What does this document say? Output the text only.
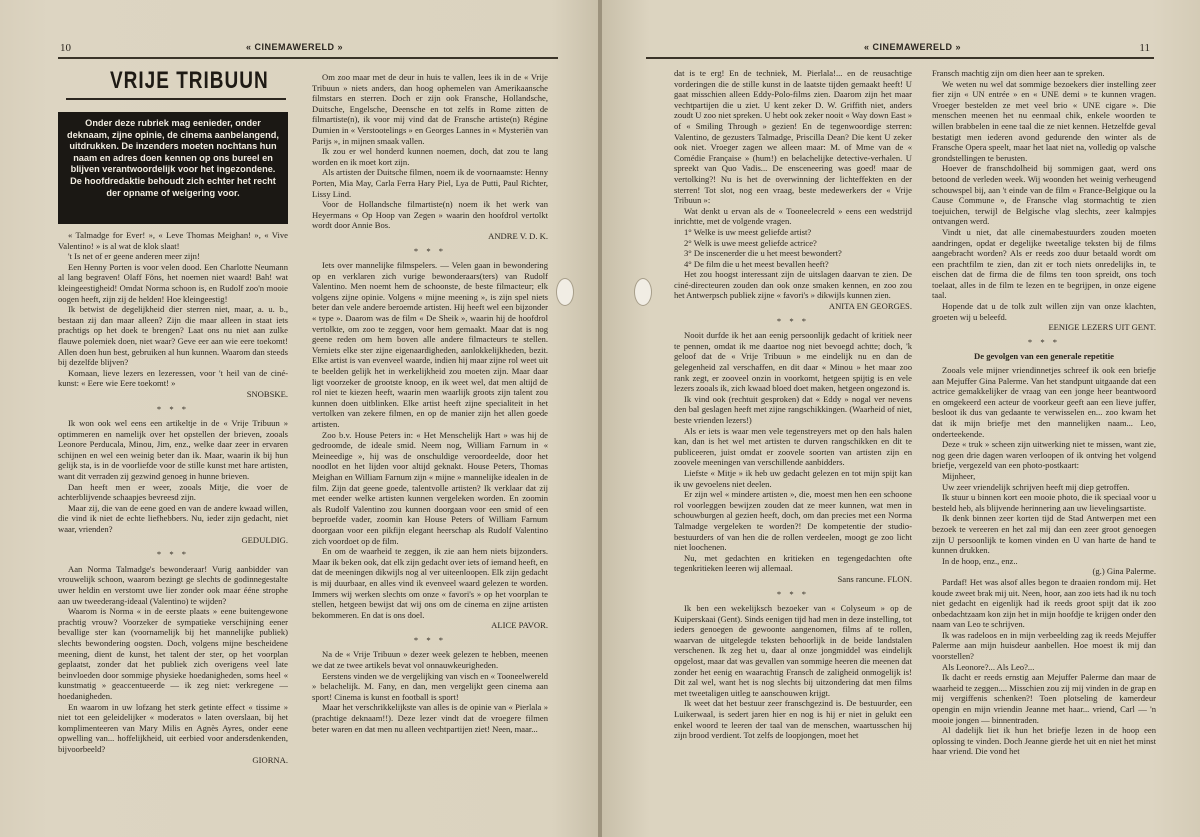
10	« CINEMAWERELD »
VRIJE TRIBUUN
Onder deze rubriek mag eenieder, onder deknaam, zijne opinie, de cinema aanbelangend, uitdrukken. De inzenders moeten nochtans hun naam en adres doen kennen op ons bureel en blijven verantwoordelijk voor het ingezondene. De hoofdredaktie behoudt zich echter het recht der opname of weigering voor.

« Talmadge for Ever! », « Leve Thomas Meighan! », « Vive Valentino! » is al wat de klok slaat!

't Is net of er geene anderen meer zijn!

Een Henny Porten is voor velen dood. Een Charlotte Neumann al lang begraven! Olaff Föns, het noemen niet waard! Bah! wat kleingeestigheid! Omdat Norma schoon is, en Rudolf zoo'n mooie oogen heeft, zijn zij de helden! Hoe kleingeestig!

Ik betwist de degelijkheid dier sterren niet, maar, a. u. b., bestaan zij dan maar alleen? Zijn die maar alleen in staat iets prachtigs op het doek te brengen? Laat ons nu niet aan zulke flauwe polemiek doen, niet waar? Geve eer aan wie eere toekomt! Allen doen hun best, gebruiken al hun kunnen. Waarom dan steeds bij dezelfde blijven?

Komaan, lieve lezers en lezeressen, voor 't heil van de ciné-kunst: « Eere wie Eere toekomt! »

SNOBSKE.

* * *

Ik won ook wel eens een artikeltje in de « Vrije Tribuun » optimmeren en namelijk over het opstellen der brieven, zooals Leonore Perducala, Minou, Jim, enz., welke daar zeer in ervaren schijnen en wel een weinig beter dan ik. Maar, waarin ik bij hun gelijk sta, is in de voorliefde voor de stille kunst met hare artisten, want dit verraden zij gezwind genoeg in hunne brieven.

Dan heeft men er weer, zooals Mitje, die voer de achterblijvende schaapjes bevreesd zijn.

Maar zij, die van de eene goed en van de andere kwaad willen, die vind ik niet de echte liefhebbers. Nu, ieder zijn gedacht, niet waar, vrienden?

GEDULDIG.

* * *

Aan Norma Talmadge's bewonderaar! Vurig aanbidder van vrouwelijk schoon, waarom bezingt ge slechts de godinnegestalte uwer heldin en verstomt uwe lier zonder ook maar ééne strophe aan uw tweederang-ideaal (Valentino) te wijden?

Waarom is Norma « in de eerste plaats » eene buitengewone prachtig vrouw? Voorzeker de sympatieke verschijning eener bevallige ster kan (voornamelijk bij het mannelijke publiek) slechts bewondering oogsten. Doch, volgens mijne bescheidene meening, dient de kunst, het talent der ster, op het voorplan geplaatst, zonder dat het publiek zich overigens veel late beinvloeden door sommige physieke hoedanigheden, soms heel « kunstmatig » geaccentueerde — ik zeg niet: verkregene — hoedanigheden.

En waarom in uw lofzang het sterk getinte effect « tissime » niet tot een geleidelijker « moderatos » laten overslaan, bij het komplimenteeren van Mary Milis en Agnès Ayres, onder eene opwelling van... hoffelijkheid, uit eerbied voor andersdenkenden, bijvoorbeeld?

GIORNA.

Om zoo maar met de deur in huis te vallen, lees ik in de « Vrije Tribuun » niets anders, dan hoog ophemelen van Amerikaansche filmstars en sterren. Doch er zijn ook Fransche, Hollandsche, Duitsche, Engelsche, Deensche en tot zelfs in Rome zitten de filmartiste(n), ik voor mij vind dat de Fransche artiste(n) Régine Dumien in « Verstootelings » en Georges Lannes in « Mysteriën van Parijs », in mijnen smaak vallen.

Ik zou er wel honderd kunnen noemen, doch, dat zou te lang worden en ik moet kort zijn.

Als artisten der Duitsche filmen, noem ik de voornaamste: Henny Porten, Mia May, Carla Ferra Hary Piel, Lya de Putti, Paul Richter, Lissy Lind.

Voor de Hollandsche filmartiste(n) noem ik het werk van Heyermans « Op Hoop van Zegen » waarin den hoofdrol vertolkt wordt door Annie Bos.

ANDRE V. D. K.

* * *

Iets over mannelijke filmspelers. — Velen gaan in bewondering op en verklaren zich vurige bewonderaars(ters) van Rudolf Valentino. Men noemt hem de schoonste, de beste filmacteur; elk volgens zijne opinie. Volgens « mijne meening », is zijn spel niets beter dan vele andere beroemde artisten. Hij heeft wel een bijzonder « type ». Daarom was de film « De Sheik », waarin hij de hoofdrol vertolkte, om zoo te zeggen, voor hem gemaakt. Maar dat is nog geene reden om hem boven alle andere filmacteurs te stellen. Verniets elke ster zijne eigenaardigheden, aanlokkelijkheden, bezit. Elke artist is van evenveel waarde, indien hij maar zijne rol weet uit te beelden gelijk het in werkelijkheid zou moeten zijn. Maar daar ligt voorzeker de grootste knoop, en ik weet wel, dat men altijd de rol niet te kiezen heeft, waarin men waarlijk groots zijn talent zou kunnen doen uitblinken. Elke artist heeft zijne specialiteit in het vertolken van zekere filmen, en op de manier zijn het allen goede artisten.

Zoo b.v. House Peters in: « Het Menschelijk Hart » was hij de gedroomde, de ideale smid. Neem nog, William Farnum in « Meineedige », hij was de onschuldige veroordeelde, door het noodlot en het lijden voor altijd geknakt. House Peters, Thomas Meighan en William Farnum zijn « mijne » mannelijke idealen in de film. Zijn dat geene goede, talentvolle artisten? Ik verklaar dat zij met eender welke artisten kunnen vergeleken worden. En zoomin als Rudolf Valentino zou kunnen doorgaan voor een smid of een beproefde vader, zoomin kan House Peters of William Farnum doorgaan voor een pikfijn elegant heerschap als Rudolf Valentino zich voordoet op de film.

En om de waarheid te zeggen, ik zie aan hem niets bijzonders. Maar ik beken ook, dat elk zijn gedacht over iets of iemand heeft, en dat de meeningen dikwijls nog al ver uiteenloopen. Elk zijn gedacht is mij duurbaar, en alles vind ik evenveel waard gelezen te worden. Immers wij werken slechts om onze « favori's » op het voorplan te stellen, hetgeen bewijst dat wij ons om de cinema en zijne artisten bekommeren. En dat is ons doel.

ALICE PAVOR.

* * *

Na de « Vrije Tribuun » dezer week gelezen te hebben, meenen we dat ze twee artikels bevat vol onnauwkeurigheden.

Eerstens vinden we de vergelijking van visch en « Tooneelwereld » belachelijk. M. Fany, en dan, men vergelijkt geen cinema aan sport! Cinema is kunst en football is sport!

Maar het verschrikkelijkste van alles is de opinie van « Pierlala » (prachtige deknaam!!). Deze lezer vindt dat de vroegere filmen beter waren en dat men nu alleen vechtpartijen ziet! Neen, maar...

11
« CINEMAWERELD »

dat is te erg! En de techniek, M. Pierlala!... en de reusachtige vorderingen die de stille kunst in de laatste tijden gemaakt heeft! U gaat misschien alleen Eddy-Polo-films zien. Daarom zijn het maar vechtpartijen die u ziet. U kent zeker D. W. Griffith niet, anders zoudt U zoo niet spreken. U hebt ook zeker nooit « Way down East » of « Smiling Through » gezien! En de tegenwoordige sterren: Valentino, de gezusters Talmadge, Priscilla Dean? Die kent U zeker ook niet. Vroeger zagen we alleen maar: M. of Mme van de « Comédie Française » (hum!) en belachelijke detective-verhalen. U spreekt van Quo Vadis... De ensceneering was goed! maar de vertolking?! Nu is het de overwinning der lichteffekten en der sterren! Tot slot, nog een vraag, beste medewerkers der « Vrije Tribuun »:

Wat denkt u ervan als de « Tooneelecreld » eens een wedstrijd inrichtte, met de volgende vragen.

1° Welke is uw meest geliefde artist?

2° Welk is uwe meest geliefde actrice?

3° De inscenerder die u het meest bewondert?

4° De film die u het meest bevallen heeft?

Het zou hoogst interessant zijn de uitslagen daarvan te zien. De ciné-directeuren zouden dan ook onze smaken kennen, en zoo zou het Antwerpsch publiek zijne « favori's » dikwijls kunnen zien.

ANITA EN GEORGES.

* * *

Nooit durfde ik het aan eenig persoonlijk gedacht of kritiek neer te pennen, omdat ik me daartoe nog niet bevoegd achtte; doch, 'k geloof dat de « Vrije Tribuun » me eindelijk nu en dan de gelegenheid zal verschaffen, en dit daar « Minou » het maar zoo rank zegt, er zooveel onzin in voorkomt, hetgeen spijtig is en vele lezers zooals ik, zich kwaad bloed doet maken, hetgeen ongezond is.

Ik vind ook (rechtuit gesproken) dat « Eddy » nogal ver nevens den bal geslagen heeft met zijne rangschikkingen. (Waarheid of niet, beste vrienden lezers!)

Als er iets is waar men vele tegenstreyers met op den hals halen kan, dan is het wel met artisten te durven rangschikken en dit te publiceeren, juist omdat er zoovele soorten van artisten zijn en zoovele meeningen van verschillende aanbidders.

Liefste « Mitje » ik heb uw gedacht gelezen en tot mijn spijt kan ik uw gevoelens niet deelen.

Er zijn wel « mindere artisten », die, moest men hen een schoone rol voorleggen bewijzen zouden dat ze meer kunnen, wat men in schouwburgen al gezien heeft, doch, om dan precies met een Norma Talmadge vergeleken te worden?! De kompetentie der studio-bestuurders of van hen die de rollen verdeelen, moogt ge zoo licht niet loochenen.

Nu, met gedachten en kritieken en tegengedachten ofte tegenkritieken leeren wij allemaal.

Sans rancune. FLON.

* * *

Ik ben een wekelijksch bezoeker van « Colyseum » op de Kuiperskaai (Gent). Sinds eenigen tijd had men in deze instelling, tot ieders genoegen de gewoonte aangenomen, films af te rollen, waarvan de uitgelegde teksten behoorlijk in de beide landstalen verschenen. Ik zeg het u, daar al onze jongmiddel was eindelijk opgelost, maar dat was gevallen van sommige heeren die meenen dat zonder het eenig en waarachtig Fransch de zaligheid onmogelijk is! Dit zal wel, want het is nog slechts bij uitzondering dat men films met tweetaligen uitleg te aanschouwen krijgt.

Ik weet dat het bestuur zeer franschgezind is. De bestuurder, een Luikerwaal, is sedert jaren hier en nog is hij er niet in gelukt een enkel woord te leeren der taal van de menschen, waartusschen hij zijn brood verdient. Tot zelfs de loopjongen, moet het

Fransch machtig zijn om dien heer aan te spreken.

We weten nu wel dat sommige bezoekers dier instelling zeer fier zijn « UN entrée » en « UNE demi » te kunnen vragen. Vroeger bestelden ze met veel brio « UNE cigare ». Die menschen meenen het nu eenmaal chik, enkele woorden te willen brabbelen in eene taal die ze niet kennen. Hetzelfde geval bestatigt men iederen avond gedurende den winter als de Fransche Opera speelt, maar het laat niet na, volledig op valsche grondstellingen te berusten.

Hoever de franschdolheid bij sommigen gaat, werd ons betoond de verleden week. Wij woonden het weinig verheugend schouwspel bij, aan 't einde van de film « France-Belgique ou la Cause Commune », de Fransche vlag stormachtig te zien toejuichen, terwijl de Belgische vlag slechts, zeer kalmpjes ontvangen werd.

Vindt u niet, dat alle cinemabestuurders zouden moeten aandringen, opdat er degelijke tweetalige teksten bij de films aangebracht worden? Als er reeds zoo duur betaald wordt om een prachtfilm te zien, dan zit er toch niets onredelijks in, te eischen dat de firma die de films ten toon spreidt, ons toch toelaat, alles in de film te lezen en te begrijpen, in onze eigene taal.

Hopende dat u de tolk zult willen zijn van onze klachten, groeten wij u beleefd.

EENIGE LEZERS UIT GENT.

* * *

De gevolgen van een generale repetitie

Zooals vele mijner vriendinnetjes schreef ik ook een briefje aan Mejuffer Gina Palerme. Van het standpunt uitgaande dat een actrice gemakkelijker de vraag van een jonge heer beantwoord en omgekeerd een acteur de voorkeur geeft aan een lieve juffer, besloot ik dus van gedaante te verwisselen en... zoo kwam het dat ik mijn briefje met den mannelijken naam... Leo, onderteekende.

Deze « truk » scheen zijn uitwerking niet te missen, want zie, nog geen drie dagen waren verloopen of ik ontving het volgend briefje, vergezeld van een photo-postkaart:

Mijnheer,

Uw zeer vriendelijk schrijven heeft mij diep getroffen.

Ik stuur u binnen kort een mooie photo, die ik speciaal voor u besteld heb, als blijvende herinnering aan uw lievelingsartiste.

Ik denk binnen zeer korten tijd de Stad Antwerpen met een bezoek te vereeren en het zal mij dan een zeer groot genoegen zijn U persoonlijk te komen vinden en U van harte de hand te kunnen drukken.

In de hoop, enz., enz..

(g.) Gina Palerme.

Pardaf! Het was alsof alles begon te draaien rondom mij. Het koude zweet brak mij uit. Neen, hoor, aan zoo iets had ik nu toch niet gedacht en eigenlijk had ik reeds groot spijt dat ik zoo onbedachtzaam kon zijn het in mijn hoofdje te krijgen onder den naam van Leo te schrijven.

Ik was radeloos en in mijn verbeelding zag ik reeds Mejuffer Palerme aan mijn huisdeur aanbellen. Hoe moest ik mij dan voorstellen?

Als Leonore?... Als Leo?...

Ik dacht er reeds ernstig aan Mejuffer Palerme dan maar de waarheid te zeggen.... Misschien zou zij mij vinden in de grap en mij vergiffenis schenken?! Toen plotseling de kamerdeur opengin en mijn vriendin Jeanne met haar... vriend, Carl — 'n mooie jongen — binnentraden.

Al dadelijk liet ik hun het briefje lezen in de hoop een oplossing te vinden. Doch Jeanne gierde het uit en niet het minst haar vriend. Die vond het
